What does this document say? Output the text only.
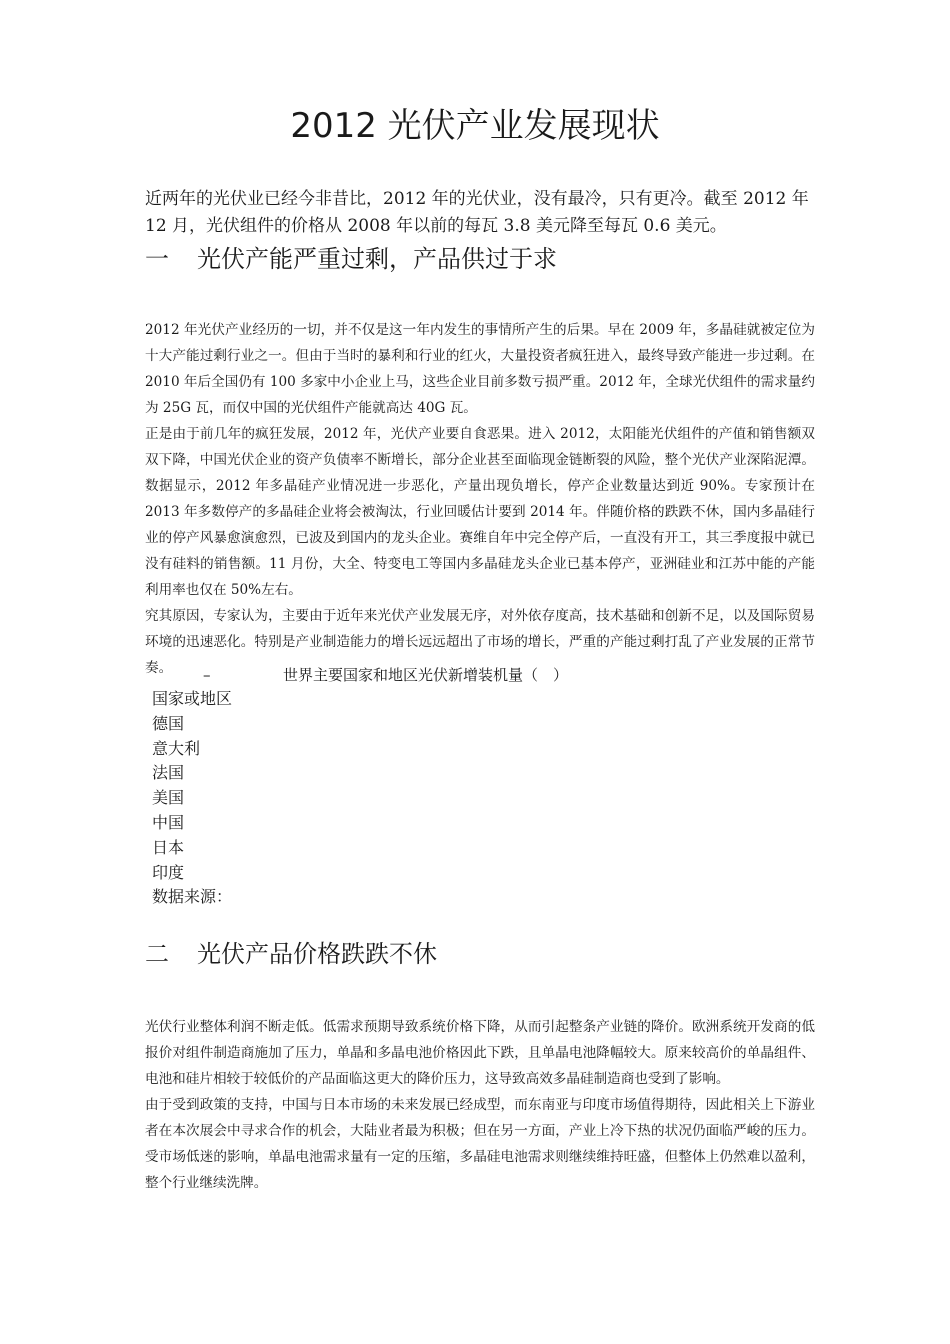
2012 光伏产业发展现状

近两年的光伏业已经今非昔比，2012 年的光伏业，没有最冷，只有更冷。截至 2012 年 12 月，光伏组件的价格从 2008 年以前的每瓦 3.8 美元降至每瓦 0.6 美元。

一 光伏产能严重过剩，产品供过于求

2012 年光伏产业经历的一切，并不仅是这一年内发生的事情所产生的后果。早在 2009 年，多晶硅就被定位为十大产能过剩行业之一。但由于当时的暴利和行业的红火，大量投资者疯狂进入，最终导致产能进一步过剩。在 2010 年后全国仍有 100 多家中小企业上马，这些企业目前多数亏损严重。2012 年，全球光伏组件的需求量约为 25G 瓦，而仅中国的光伏组件产能就高达 40G 瓦。

正是由于前几年的疯狂发展，2012 年，光伏产业要自食恶果。进入 2012，太阳能光伏组件的产值和销售额双双下降，中国光伏企业的资产负债率不断增长，部分企业甚至面临现金链断裂的风险，整个光伏产业深陷泥潭。数据显示，2012 年多晶硅产业情况进一步恶化，产量出现负增长，停产企业数量达到近 90%。专家预计在 2013 年多数停产的多晶硅企业将会被淘汰，行业回暖估计要到 2014 年。伴随价格的跌跌不休，国内多晶硅行业的停产风暴愈演愈烈，已波及到国内的龙头企业。赛维自年中完全停产后，一直没有开工，其三季度报中就已没有硅料的销售额。11 月份，大全、特变电工等国内多晶硅龙头企业已基本停产，亚洲硅业和江苏中能的产能利用率也仅在 50%左右。

究其原因，专家认为，主要由于近年来光伏产业发展无序，对外依存度高，技术基础和创新不足，以及国际贸易环境的迅速恶化。特别是产业制造能力的增长远远超出了市场的增长，严重的产能过剩打乱了产业发展的正常节奏。	–	世界主要国家和地区光伏新增装机量（　）
国家或地区
德国
意大利
法国
美国
中国
日本
印度
数据来源：
二 光伏产品价格跌跌不休

光伏行业整体利润不断走低。低需求预期导致系统价格下降，从而引起整条产业链的降价。欧洲系统开发商的低报价对组件制造商施加了压力，单晶和多晶电池价格因此下跌，且单晶电池降幅较大。原来较高价的单晶组件、电池和硅片相较于较低价的产品面临这更大的降价压力，这导致高效多晶硅制造商也受到了影响。

由于受到政策的支持，中国与日本市场的未来发展已经成型，而东南亚与印度市场值得期待，因此相关上下游业者在本次展会中寻求合作的机会，大陆业者最为积极；但在另一方面，产业上冷下热的状况仍面临严峻的压力。受市场低迷的影响，单晶电池需求量有一定的压缩，多晶硅电池需求则继续维持旺盛，但整体上仍然难以盈利，整个行业继续洗牌。
